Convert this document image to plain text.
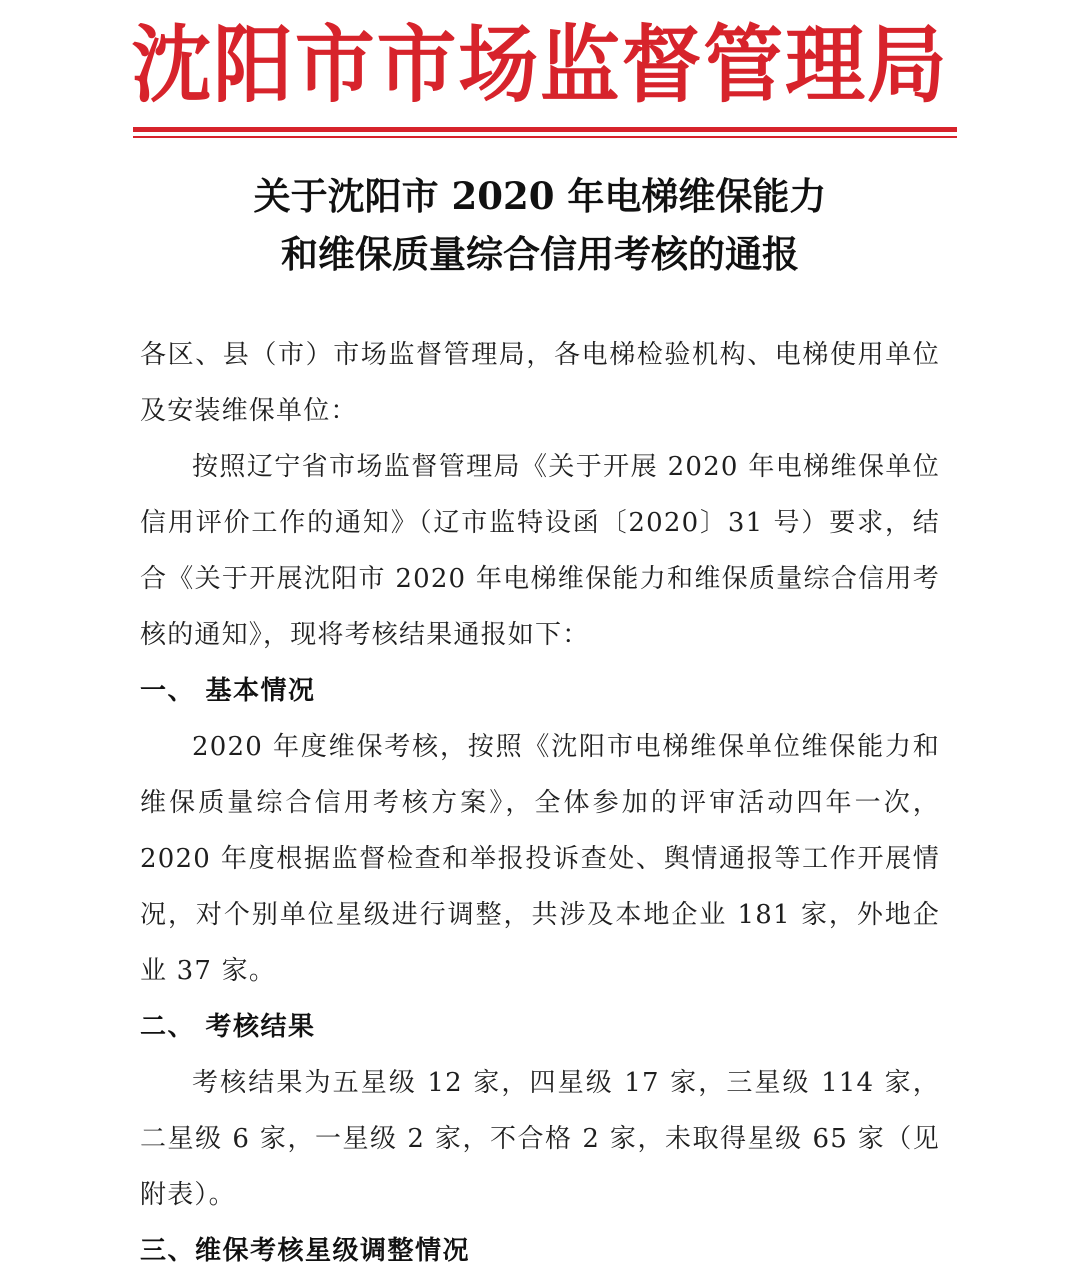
沈阳市市场监督管理局
关于沈阳市 2020 年电梯维保能力
和维保质量综合信用考核的通报

各区、县（市）市场监督管理局，各电梯检验机构、电梯使用单位及安装维保单位：

按照辽宁省市场监督管理局《关于开展 2020 年电梯维保单位信用评价工作的通知》（辽市监特设函〔2020〕31 号）要求，结合《关于开展沈阳市 2020 年电梯维保能力和维保质量综合信用考核的通知》，现将考核结果通报如下：

一、 基本情况

2020 年度维保考核，按照《沈阳市电梯维保单位维保能力和维保质量综合信用考核方案》，全体参加的评审活动四年一次，2020 年度根据监督检查和举报投诉查处、舆情通报等工作开展情况，对个别单位星级进行调整，共涉及本地企业 181 家，外地企业 37 家。

二、 考核结果

考核结果为五星级 12 家，四星级 17 家，三星级 114 家，二星级 6 家，一星级 2 家，不合格 2 家，未取得星级 65 家（见附表）。

三、维保考核星级调整情况
